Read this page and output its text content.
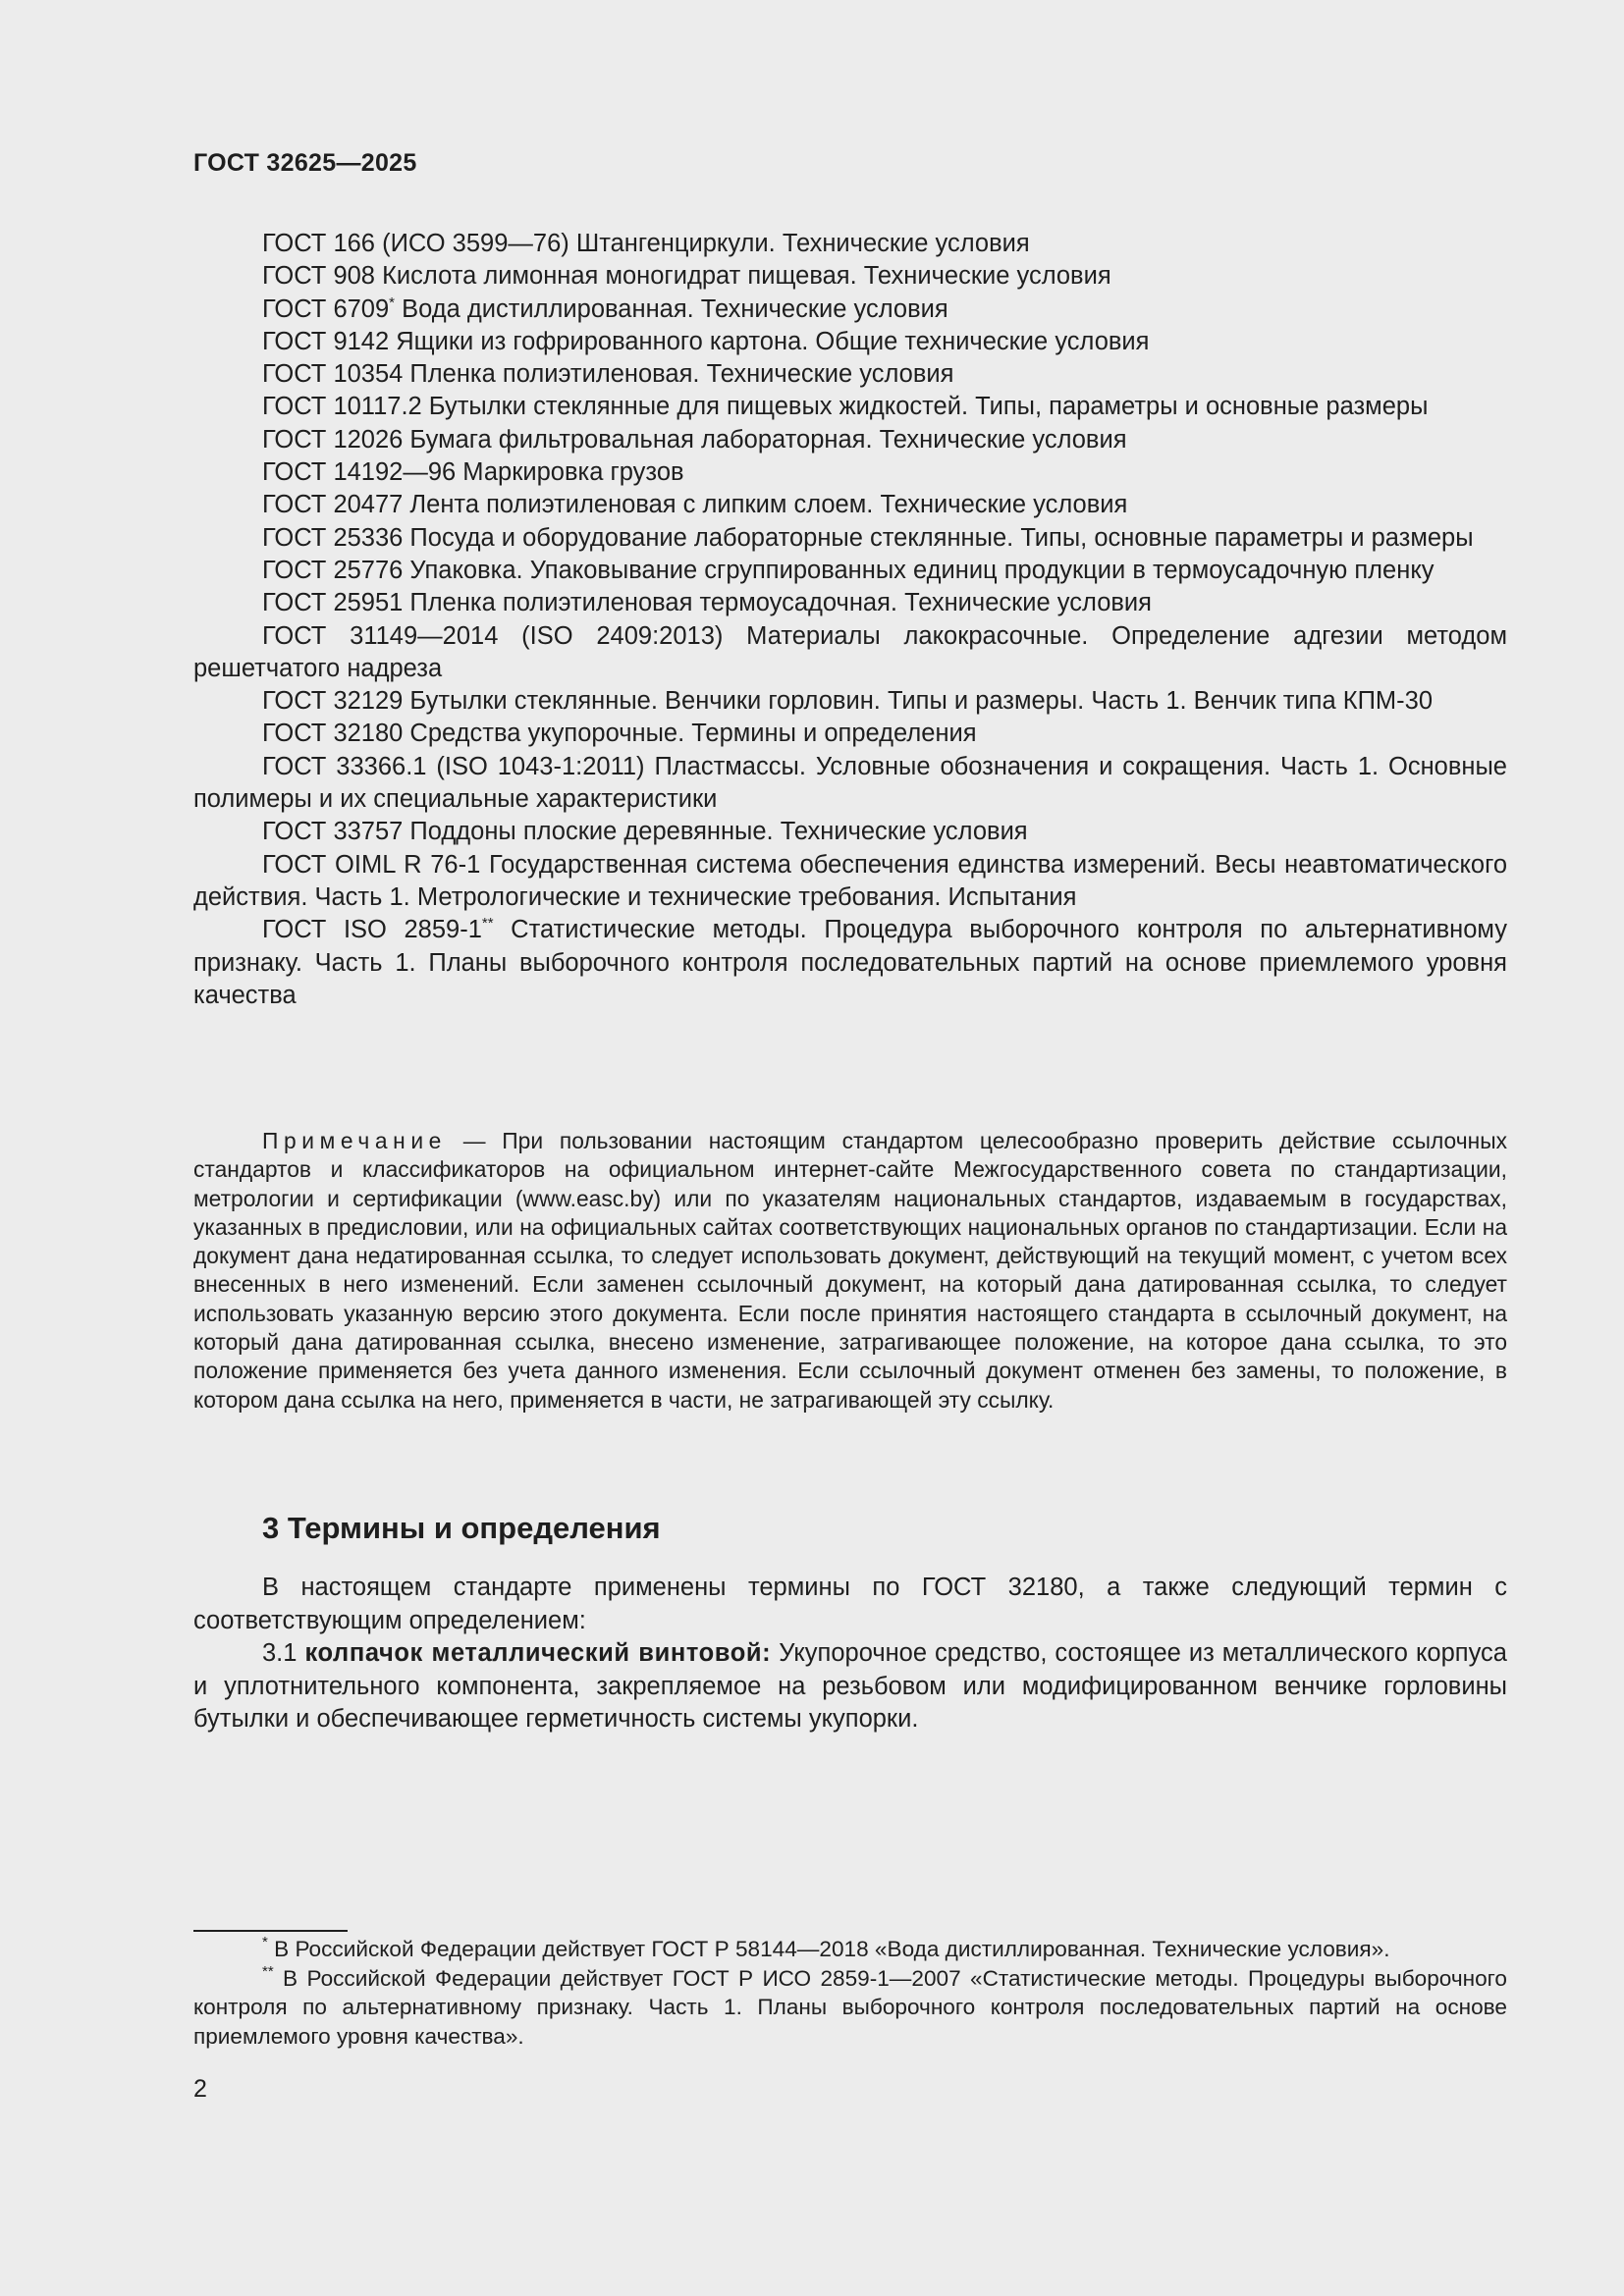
ГОСТ 32625—2025

ГОСТ 166 (ИСО 3599—76) Штангенциркули. Технические условия

ГОСТ 908 Кислота лимонная моногидрат пищевая. Технические условия

ГОСТ 6709* Вода дистиллированная. Технические условия

ГОСТ 9142 Ящики из гофрированного картона. Общие технические условия

ГОСТ 10354 Пленка полиэтиленовая. Технические условия

ГОСТ 10117.2 Бутылки стеклянные для пищевых жидкостей. Типы, параметры и основные размеры

ГОСТ 12026 Бумага фильтровальная лабораторная. Технические условия

ГОСТ 14192—96 Маркировка грузов

ГОСТ 20477 Лента полиэтиленовая с липким слоем. Технические условия

ГОСТ 25336 Посуда и оборудование лабораторные стеклянные. Типы, основные параметры и размеры

ГОСТ 25776 Упаковка. Упаковывание сгруппированных единиц продукции в термоусадочную пленку

ГОСТ 25951 Пленка полиэтиленовая термоусадочная. Технические условия

ГОСТ 31149—2014 (ISO 2409:2013) Материалы лакокрасочные. Определение адгезии методом решетчатого надреза

ГОСТ 32129 Бутылки стеклянные. Венчики горловин. Типы и размеры. Часть 1. Венчик типа КПМ-30

ГОСТ 32180 Средства укупорочные. Термины и определения

ГОСТ 33366.1 (ISO 1043-1:2011) Пластмассы. Условные обозначения и сокращения. Часть 1. Основные полимеры и их специальные характеристики

ГОСТ 33757 Поддоны плоские деревянные. Технические условия

ГОСТ OIML R 76-1 Государственная система обеспечения единства измерений. Весы неавтоматического действия. Часть 1. Метрологические и технические требования. Испытания

ГОСТ ISO 2859-1** Статистические методы. Процедура выборочного контроля по альтернативному признаку. Часть 1. Планы выборочного контроля последовательных партий на основе приемлемого уровня качества

Примечание — При пользовании настоящим стандартом целесообразно проверить действие ссылочных стандартов и классификаторов на официальном интернет-сайте Межгосударственного совета по стандартизации, метрологии и сертификации (www.easc.by) или по указателям национальных стандартов, издаваемым в государствах, указанных в предисловии, или на официальных сайтах соответствующих национальных органов по стандартизации. Если на документ дана недатированная ссылка, то следует использовать документ, действующий на текущий момент, с учетом всех внесенных в него изменений. Если заменен ссылочный документ, на который дана датированная ссылка, то следует использовать указанную версию этого документа. Если после принятия настоящего стандарта в ссылочный документ, на который дана датированная ссылка, внесено изменение, затрагивающее положение, на которое дана ссылка, то это положение применяется без учета данного изменения. Если ссылочный документ отменен без замены, то положение, в котором дана ссылка на него, применяется в части, не затрагивающей эту ссылку.
3 Термины и определения

В настоящем стандарте применены термины по ГОСТ 32180, а также следующий термин с соответствующим определением:

3.1 колпачок металлический винтовой: Укупорочное средство, состоящее из металлического корпуса и уплотнительного компонента, закрепляемое на резьбовом или модифицированном венчике горловины бутылки и обеспечивающее герметичность системы укупорки.

* В Российской Федерации действует ГОСТ Р 58144—2018 «Вода дистиллированная. Технические условия».

** В Российской Федерации действует ГОСТ Р ИСО 2859-1—2007 «Статистические методы. Процедуры выборочного контроля по альтернативному признаку. Часть 1. Планы выборочного контроля последовательных партий на основе приемлемого уровня качества».

2
